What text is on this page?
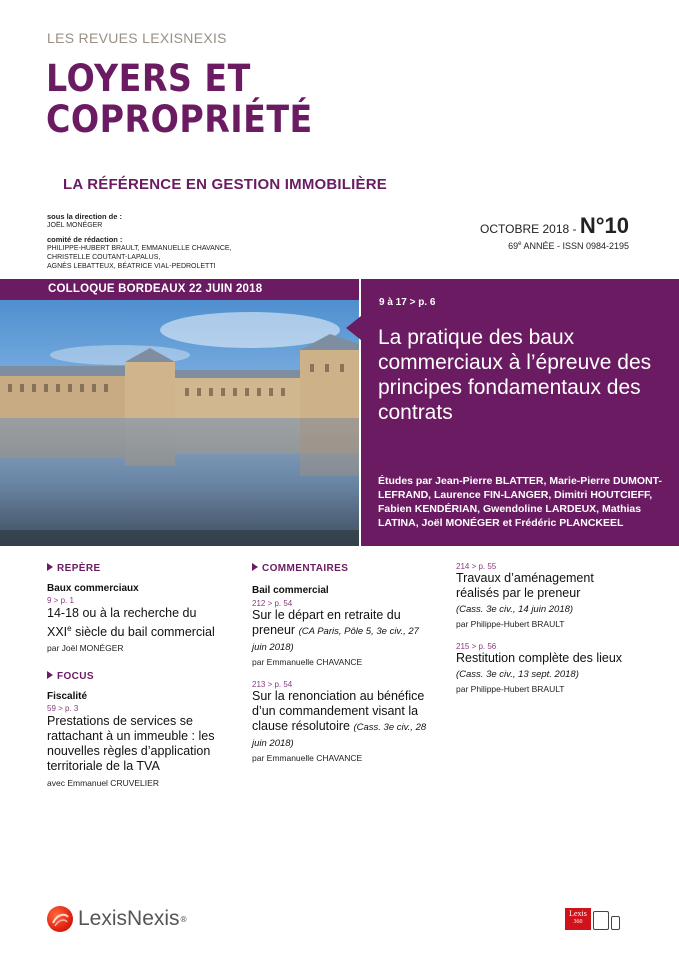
LES REVUES LEXISNEXIS
LOYERS ET
COPROPRIÉTÉ
LA RÉFÉRENCE EN GESTION IMMOBILIÈRE
sous la direction de :
JOËL MONÉGER
comité de rédaction :
PHILIPPE-HUBERT BRAULT, EMMANUELLE CHAVANCE,
CHRISTELLE COUTANT-LAPALUS,
AGNÈS LEBATTEUX, BÉATRICE VIAL-PEDROLETTI
OCTOBRE 2018 - N°10
69e ANNÉE - ISSN 0984-2195
COLLOQUE BORDEAUX 22 JUIN 2018
9 à 17 > p. 6
La pratique des baux commerciaux à l’épreuve des principes fondamentaux des contrats
Études par Jean-Pierre BLATTER, Marie-Pierre DUMONT-LEFRAND, Laurence FIN-LANGER, Dimitri HOUTCIEFF, Fabien KENDÉRIAN, Gwendoline LARDEUX, Mathias LATINA, Joël MONÉGER et Frédéric PLANCKEEL
REPÈRE
Baux commerciaux
9 > p. 1
14-18 ou à la recherche du
XXIe siècle du bail commercial
par Joël MONÉGER
FOCUS
Fiscalité
59 > p. 3
Prestations de services se rattachant à un immeuble : les nouvelles règles d’application territoriale de la TVA
avec Emmanuel CRUVELIER
COMMENTAIRES
Bail commercial
212 > p. 54
Sur le départ en retraite du preneur (CA Paris, Pôle 5, 3e civ., 27 juin 2018)
par Emmanuelle CHAVANCE
213 > p. 54
Sur la renonciation au bénéfice d’un commandement visant la clause résolutoire (Cass. 3e civ., 28 juin 2018)
par Emmanuelle CHAVANCE
214 > p. 55
Travaux d’aménagement réalisés par le preneur
(Cass. 3e civ., 14 juin 2018)
par Philippe-Hubert BRAULT
215 > p. 56
Restitution complète des lieux
(Cass. 3e civ., 13 sept. 2018)
par Philippe-Hubert BRAULT
LexisNexis ®
Lexis
360
